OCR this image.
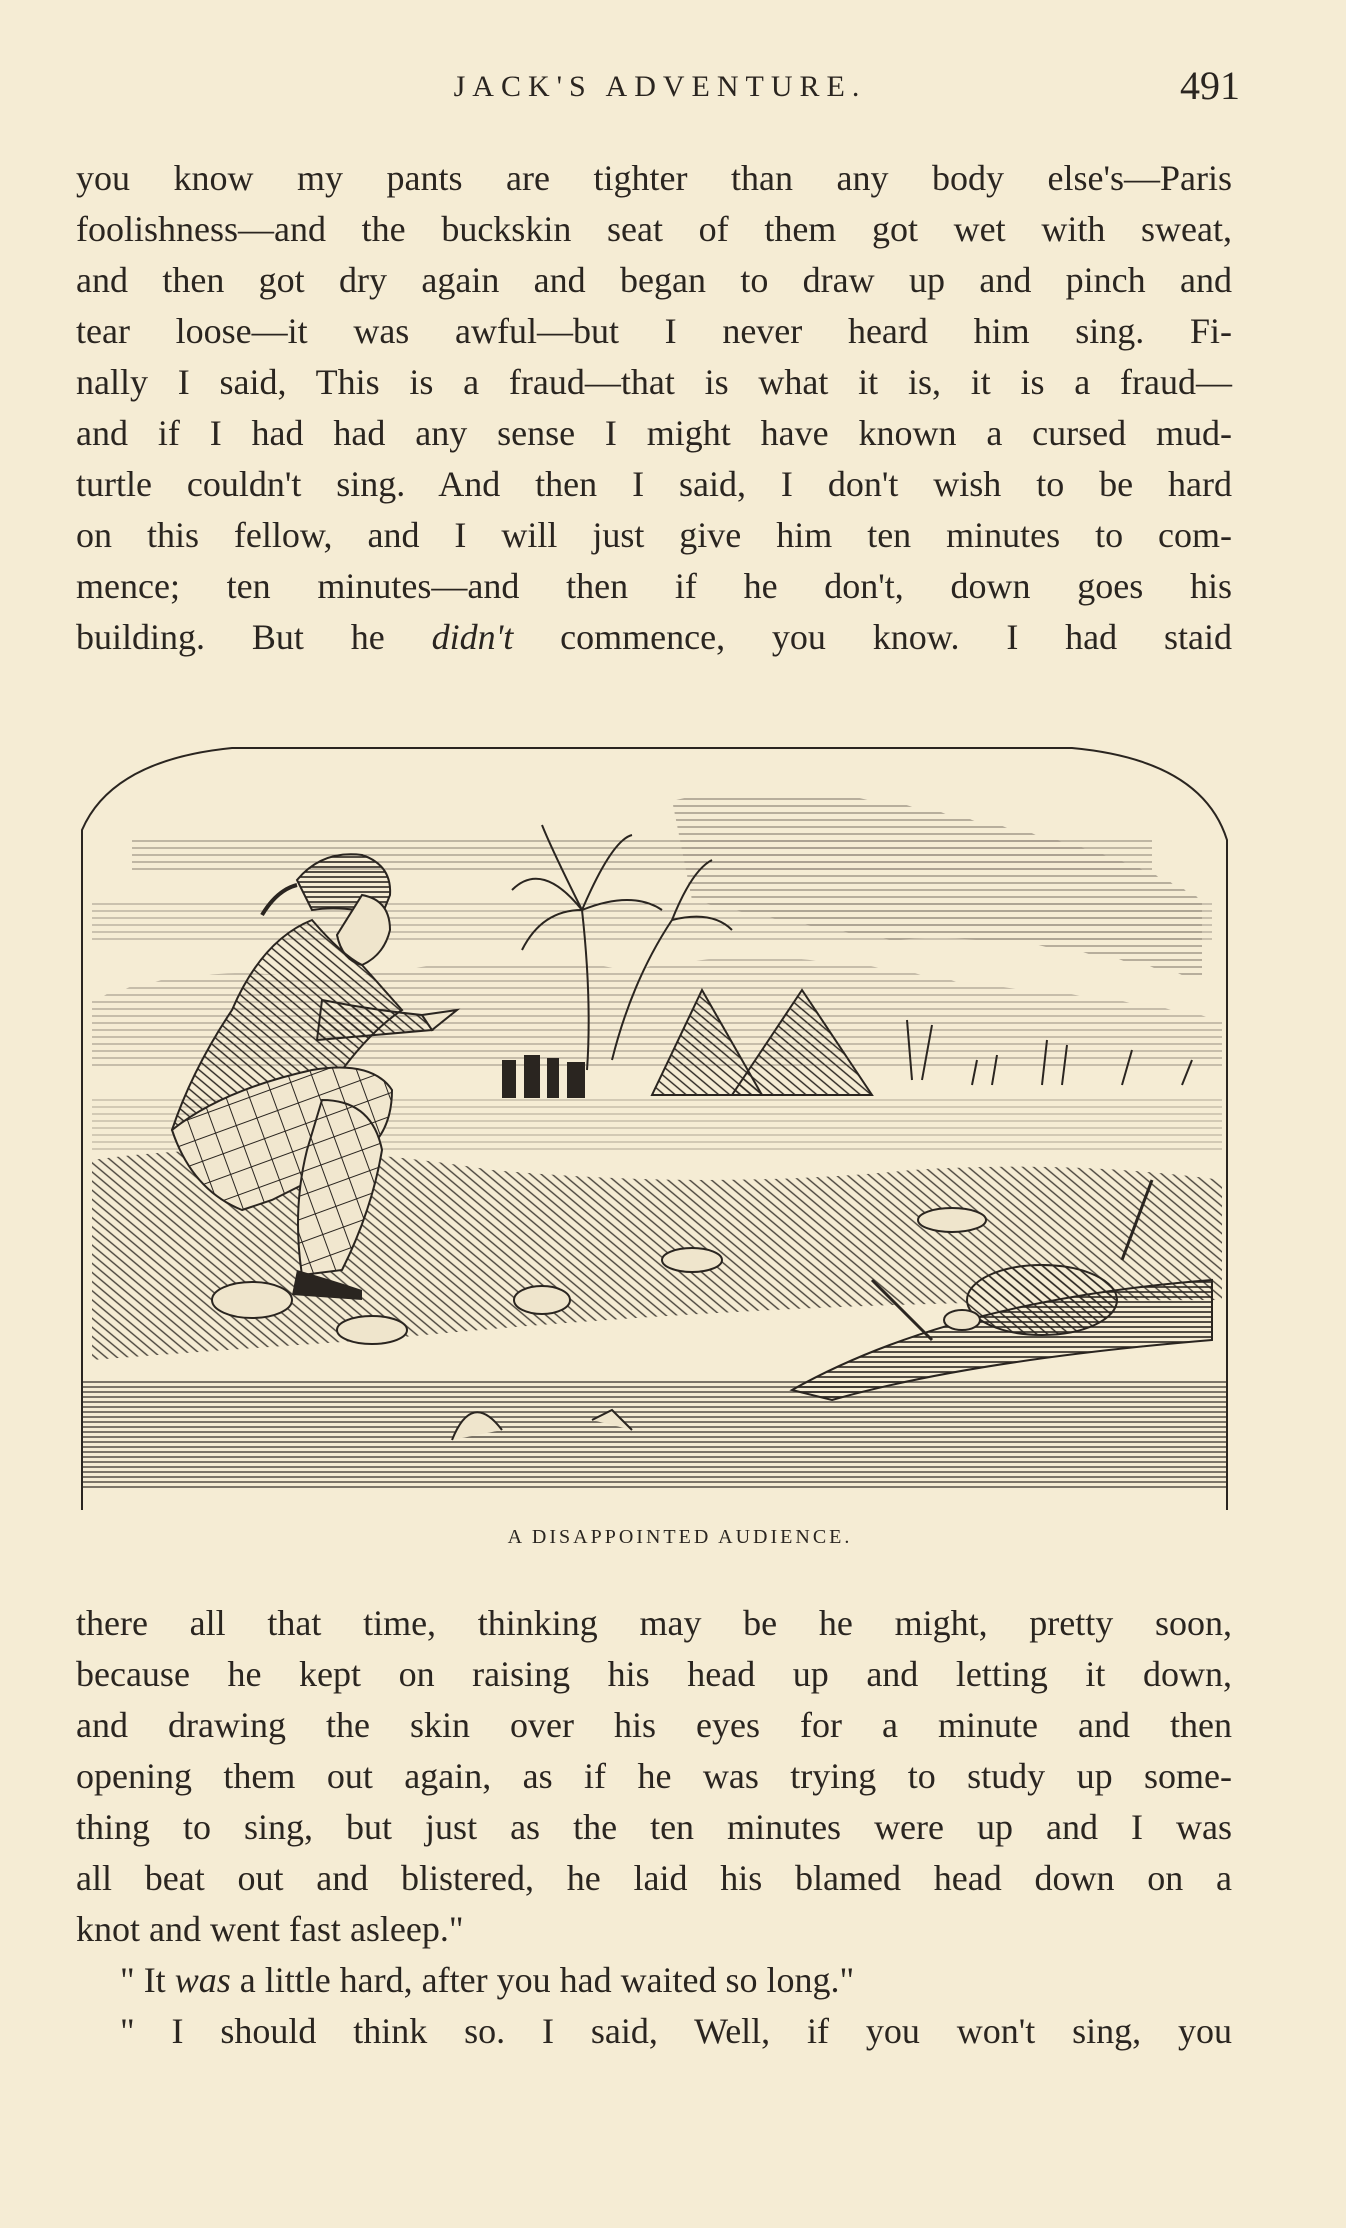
JACK'S ADVENTURE.	491
you know my pants are tighter than any body else's—Paris
foolishness—and the buckskin seat of them got wet with sweat,
and then got dry again and began to draw up and pinch and
tear loose—it was awful—but I never heard him sing. Fi-
nally I said, This is a fraud—that is what it is, it is a fraud—
and if I had had any sense I might have known a cursed mud-
turtle couldn't sing. And then I said, I don't wish to be hard
on this fellow, and I will just give him ten minutes to com-
mence; ten minutes—and then if he don't, down goes his
building. But he didn't commence, you know. I had staid
A DISAPPOINTED AUDIENCE.
there all that time, thinking may be he might, pretty soon,
because he kept on raising his head up and letting it down,
and drawing the skin over his eyes for a minute and then
opening them out again, as if he was trying to study up some-
thing to sing, but just as the ten minutes were up and I was
all beat out and blistered, he laid his blamed head down on a
knot and went fast asleep."
" It was a little hard, after you had waited so long."
" I should think so. I said, Well, if you won't sing, you
